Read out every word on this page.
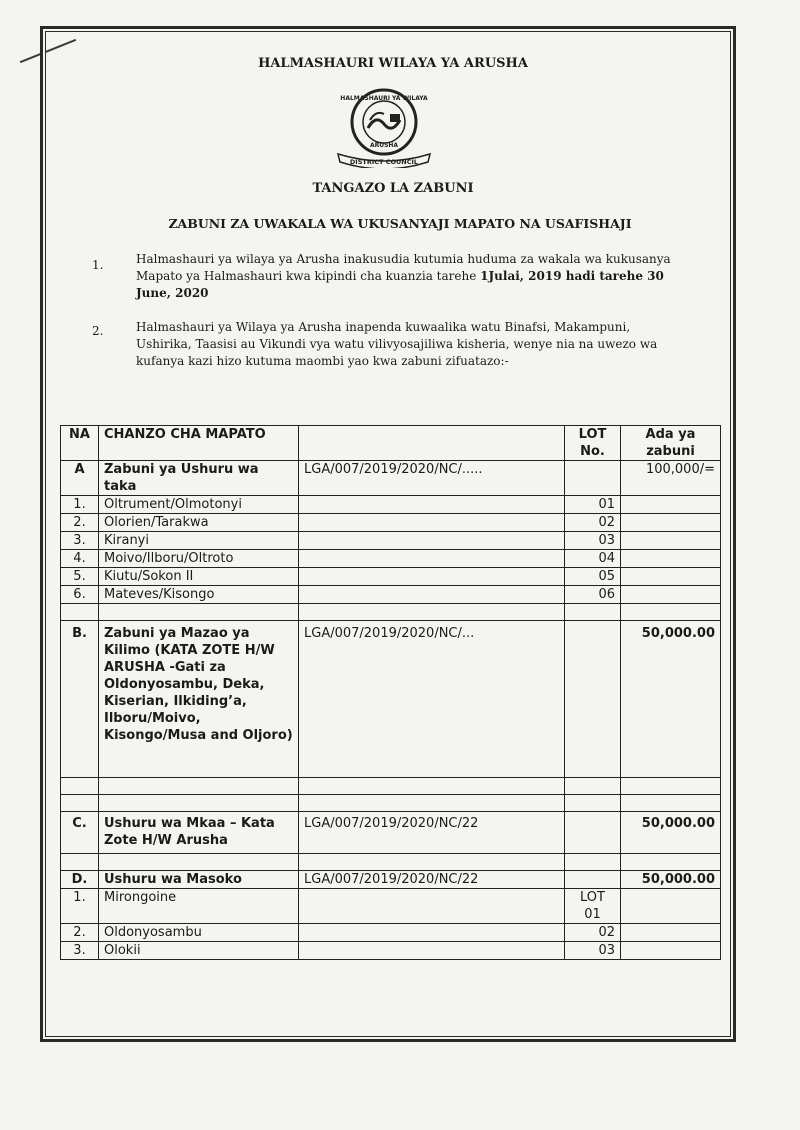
HALMASHAURI WILAYA YA ARUSHA
HALMASHAURI YA WILAYA
ARUSHA
DISTRICT COUNCIL
TANGAZO LA ZABUNI
ZABUNI ZA UWAKALA WA UKUSANYAJI MAPATO NA USAFISHAJI
1.	Halmashauri ya wilaya ya Arusha inakusudia kutumia huduma za wakala wa kukusanya
Mapato ya Halmashauri kwa kipindi cha kuanzia tarehe 1Julai, 2019 hadi tarehe 30
June, 2020
2.	Halmashauri ya Wilaya ya Arusha inapenda kuwaalika watu Binafsi, Makampuni,
Ushirika, Taasisi au Vikundi vya watu vilivyosajiliwa kisheria, wenye nia na uwezo wa
kufanya kazi hizo kutuma maombi yao kwa zabuni zifuatazo:-
NA	CHANZO CHA MAPATO		LOT No.	Ada ya zabuni
A	Zabuni ya Ushuru wa taka	LGA/007/2019/2020/NC/.....		100,000/=
1.	Oltrument/Olmotonyi		01	
2.	Olorien/Tarakwa		02	
3.	Kiranyi		03	
4.	Moivo/Ilboru/Oltroto		04	
5.	Kiutu/Sokon II		05	
6.	Mateves/Kisongo		06	

B.	Zabuni ya Mazao ya Kilimo (KATA ZOTE H/W ARUSHA -Gati za Oldonyosambu, Deka, Kiserian, Ilkiding’a, Ilboru/Moivo, Kisongo/Musa and Oljoro)	LGA/007/2019/2020/NC/...		50,000.00

C.	Ushuru wa Mkaa – Kata Zote H/W Arusha	LGA/007/2019/2020/NC/22		50,000.00

D.	Ushuru wa Masoko	LGA/007/2019/2020/NC/22		50,000.00
1.	Mirongoine		LOT 01	
2.	Oldonyosambu		02	
3.	Olokii		03	
